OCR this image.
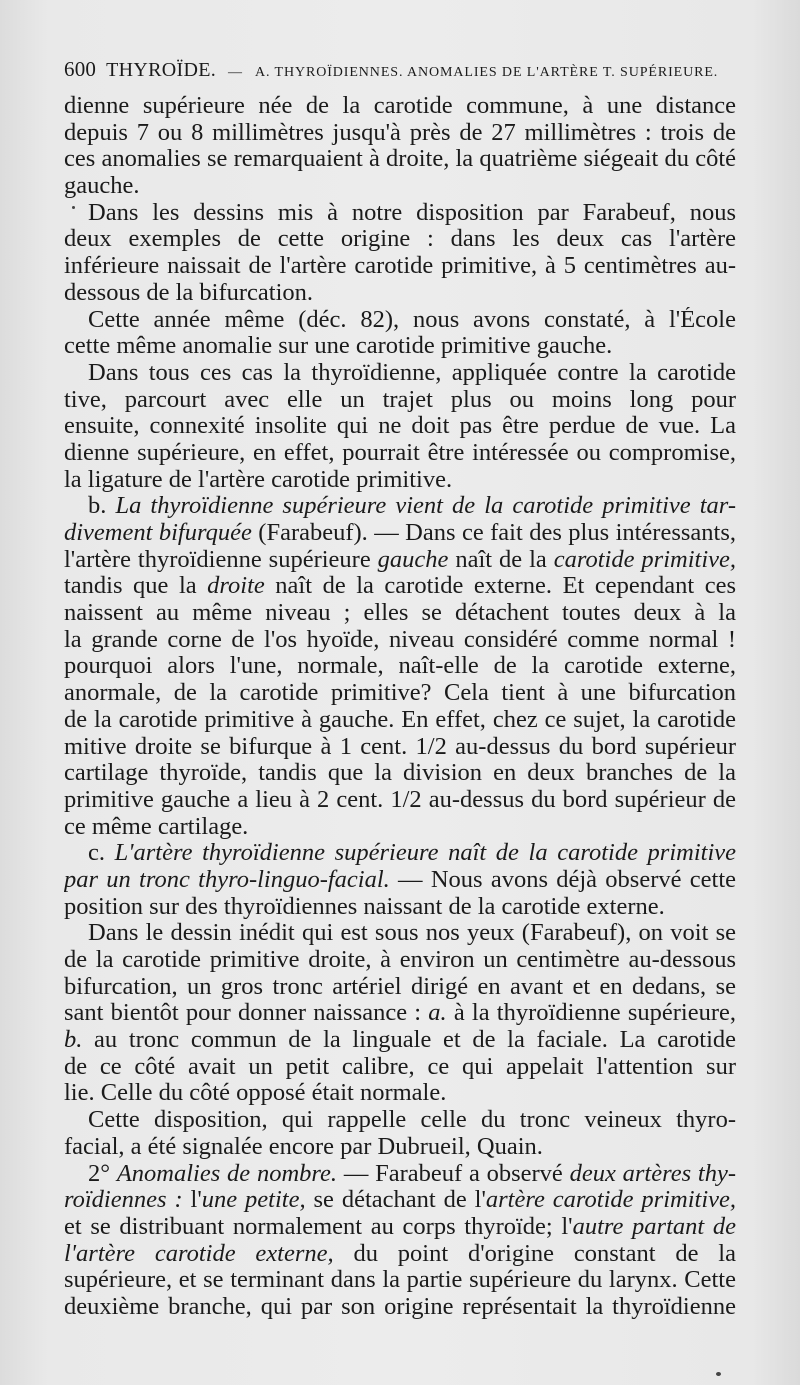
600 THYROÏDE. — A. THYROÏDIENNES. ANOMALIES DE L'ARTÈRE T. SUPÉRIEURE.
dienne supérieure née de la carotide commune, à une distance
depuis 7 ou 8 millimètres jusqu'à près de 27 millimètres : trois de
ces anomalies se remarquaient à droite, la quatrième siégeait du côté
gauche.
Dans les dessins mis à notre disposition par Farabeuf, nous
deux exemples de cette origine : dans les deux cas l'artère
inférieure naissait de l'artère carotide primitive, à 5 centimètres au-
dessous de la bifurcation.
Cette année même (déc. 82), nous avons constaté, à l'École
cette même anomalie sur une carotide primitive gauche.
Dans tous ces cas la thyroïdienne, appliquée contre la carotide
tive, parcourt avec elle un trajet plus ou moins long pour
ensuite, connexité insolite qui ne doit pas être perdue de vue. La
dienne supérieure, en effet, pourrait être intéressée ou compromise,
la ligature de l'artère carotide primitive.
b. La thyroïdienne supérieure vient de la carotide primitive tar-
divement bifurquée (Farabeuf). — Dans ce fait des plus intéressants,
l'artère thyroïdienne supérieure gauche naît de la carotide primitive,
tandis que la droite naît de la carotide externe. Et cependant ces
naissent au même niveau ; elles se détachent toutes deux à la
la grande corne de l'os hyoïde, niveau considéré comme normal !
pourquoi alors l'une, normale, naît-elle de la carotide externe,
anormale, de la carotide primitive? Cela tient à une bifurcation
de la carotide primitive à gauche. En effet, chez ce sujet, la carotide
mitive droite se bifurque à 1 cent. 1/2 au-dessus du bord supérieur
cartilage thyroïde, tandis que la division en deux branches de la
primitive gauche a lieu à 2 cent. 1/2 au-dessus du bord supérieur de
ce même cartilage.
c. L'artère thyroïdienne supérieure naît de la carotide primitive
par un tronc thyro-linguo-facial. — Nous avons déjà observé cette
position sur des thyroïdiennes naissant de la carotide externe.
Dans le dessin inédit qui est sous nos yeux (Farabeuf), on voit se
de la carotide primitive droite, à environ un centimètre au-dessous
bifurcation, un gros tronc artériel dirigé en avant et en dedans, se
sant bientôt pour donner naissance : a. à la thyroïdienne supérieure,
b. au tronc commun de la linguale et de la faciale. La carotide
de ce côté avait un petit calibre, ce qui appelait l'attention sur
lie. Celle du côté opposé était normale.
Cette disposition, qui rappelle celle du tronc veineux thyro-
facial, a été signalée encore par Dubrueil, Quain.
2° Anomalies de nombre. — Farabeuf a observé deux artères thy-
roïdiennes : l'une petite, se détachant de l'artère carotide primitive,
et se distribuant normalement au corps thyroïde; l'autre partant de
l'artère carotide externe, du point d'origine constant de la
supérieure, et se terminant dans la partie supérieure du larynx. Cette
deuxième branche, qui par son origine représentait la thyroïdienne
